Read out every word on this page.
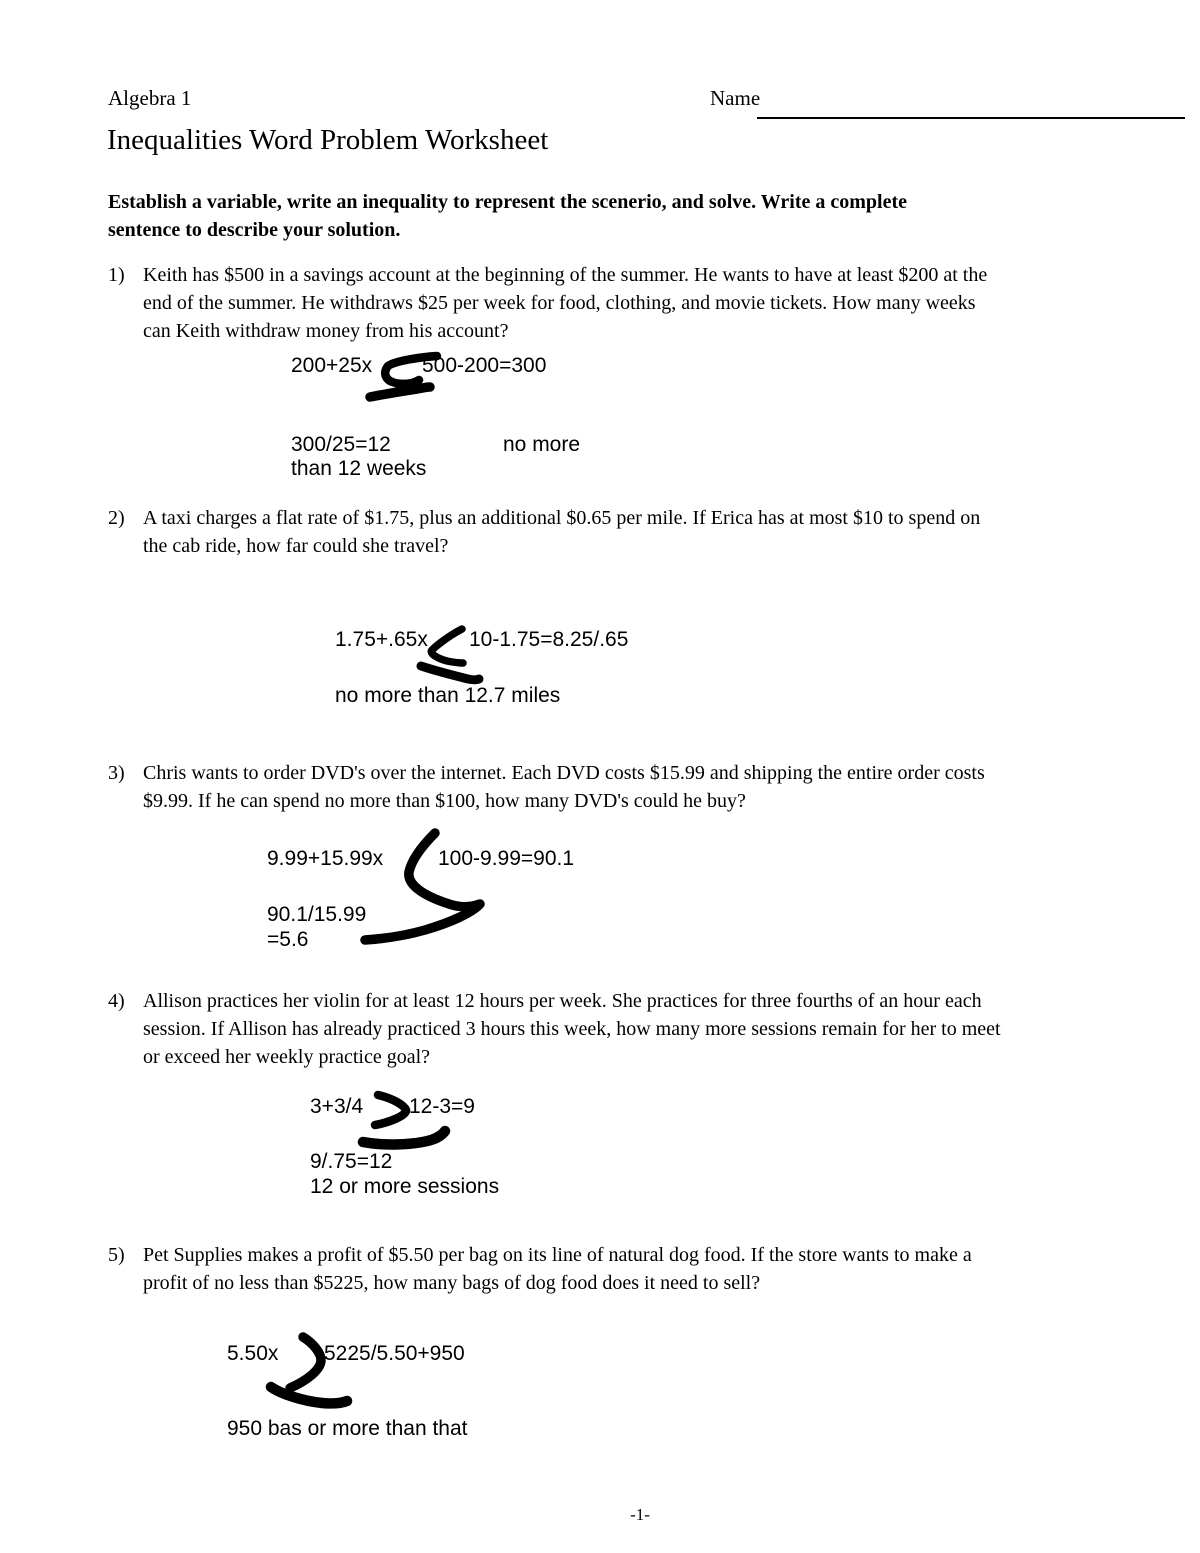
Algebra 1	Name
Inequalities Word Problem Worksheet
Establish a variable, write an inequality to represent the scenerio, and solve. Write a complete
sentence to describe your solution.
1) Keith has $500 in a savings account at the beginning of the summer. He wants to have at least $200 at the
end of the summer. He withdraws $25 per week for food, clothing, and movie tickets. How many weeks
can Keith withdraw money from his account?
200+25x 500-200=300
300/25=12	no more
than 12 weeks
2) A taxi charges a flat rate of $1.75, plus an additional $0.65 per mile. If Erica has at most $10 to spend on
the cab ride, how far could she travel?
1.75+.65x 10-1.75=8.25/.65
no more than 12.7 miles
3) Chris wants to order DVD's over the internet. Each DVD costs $15.99 and shipping the entire order costs
$9.99. If he can spend no more than $100, how many DVD's could he buy?
9.99+15.99x	100-9.99=90.1
90.1/15.99
=5.6
4) Allison practices her violin for at least 12 hours per week. She practices for three fourths of an hour each
session. If Allison has already practiced 3 hours this week, how many more sessions remain for her to meet
or exceed her weekly practice goal?
3+3/4 12-3=9
9/.75=12
12 or more sessions
5) Pet Supplies makes a profit of $5.50 per bag on its line of natural dog food. If the store wants to make a
profit of no less than $5225, how many bags of dog food does it need to sell?
5.50x 5225/5.50+950
950 bas or more than that
-1-
